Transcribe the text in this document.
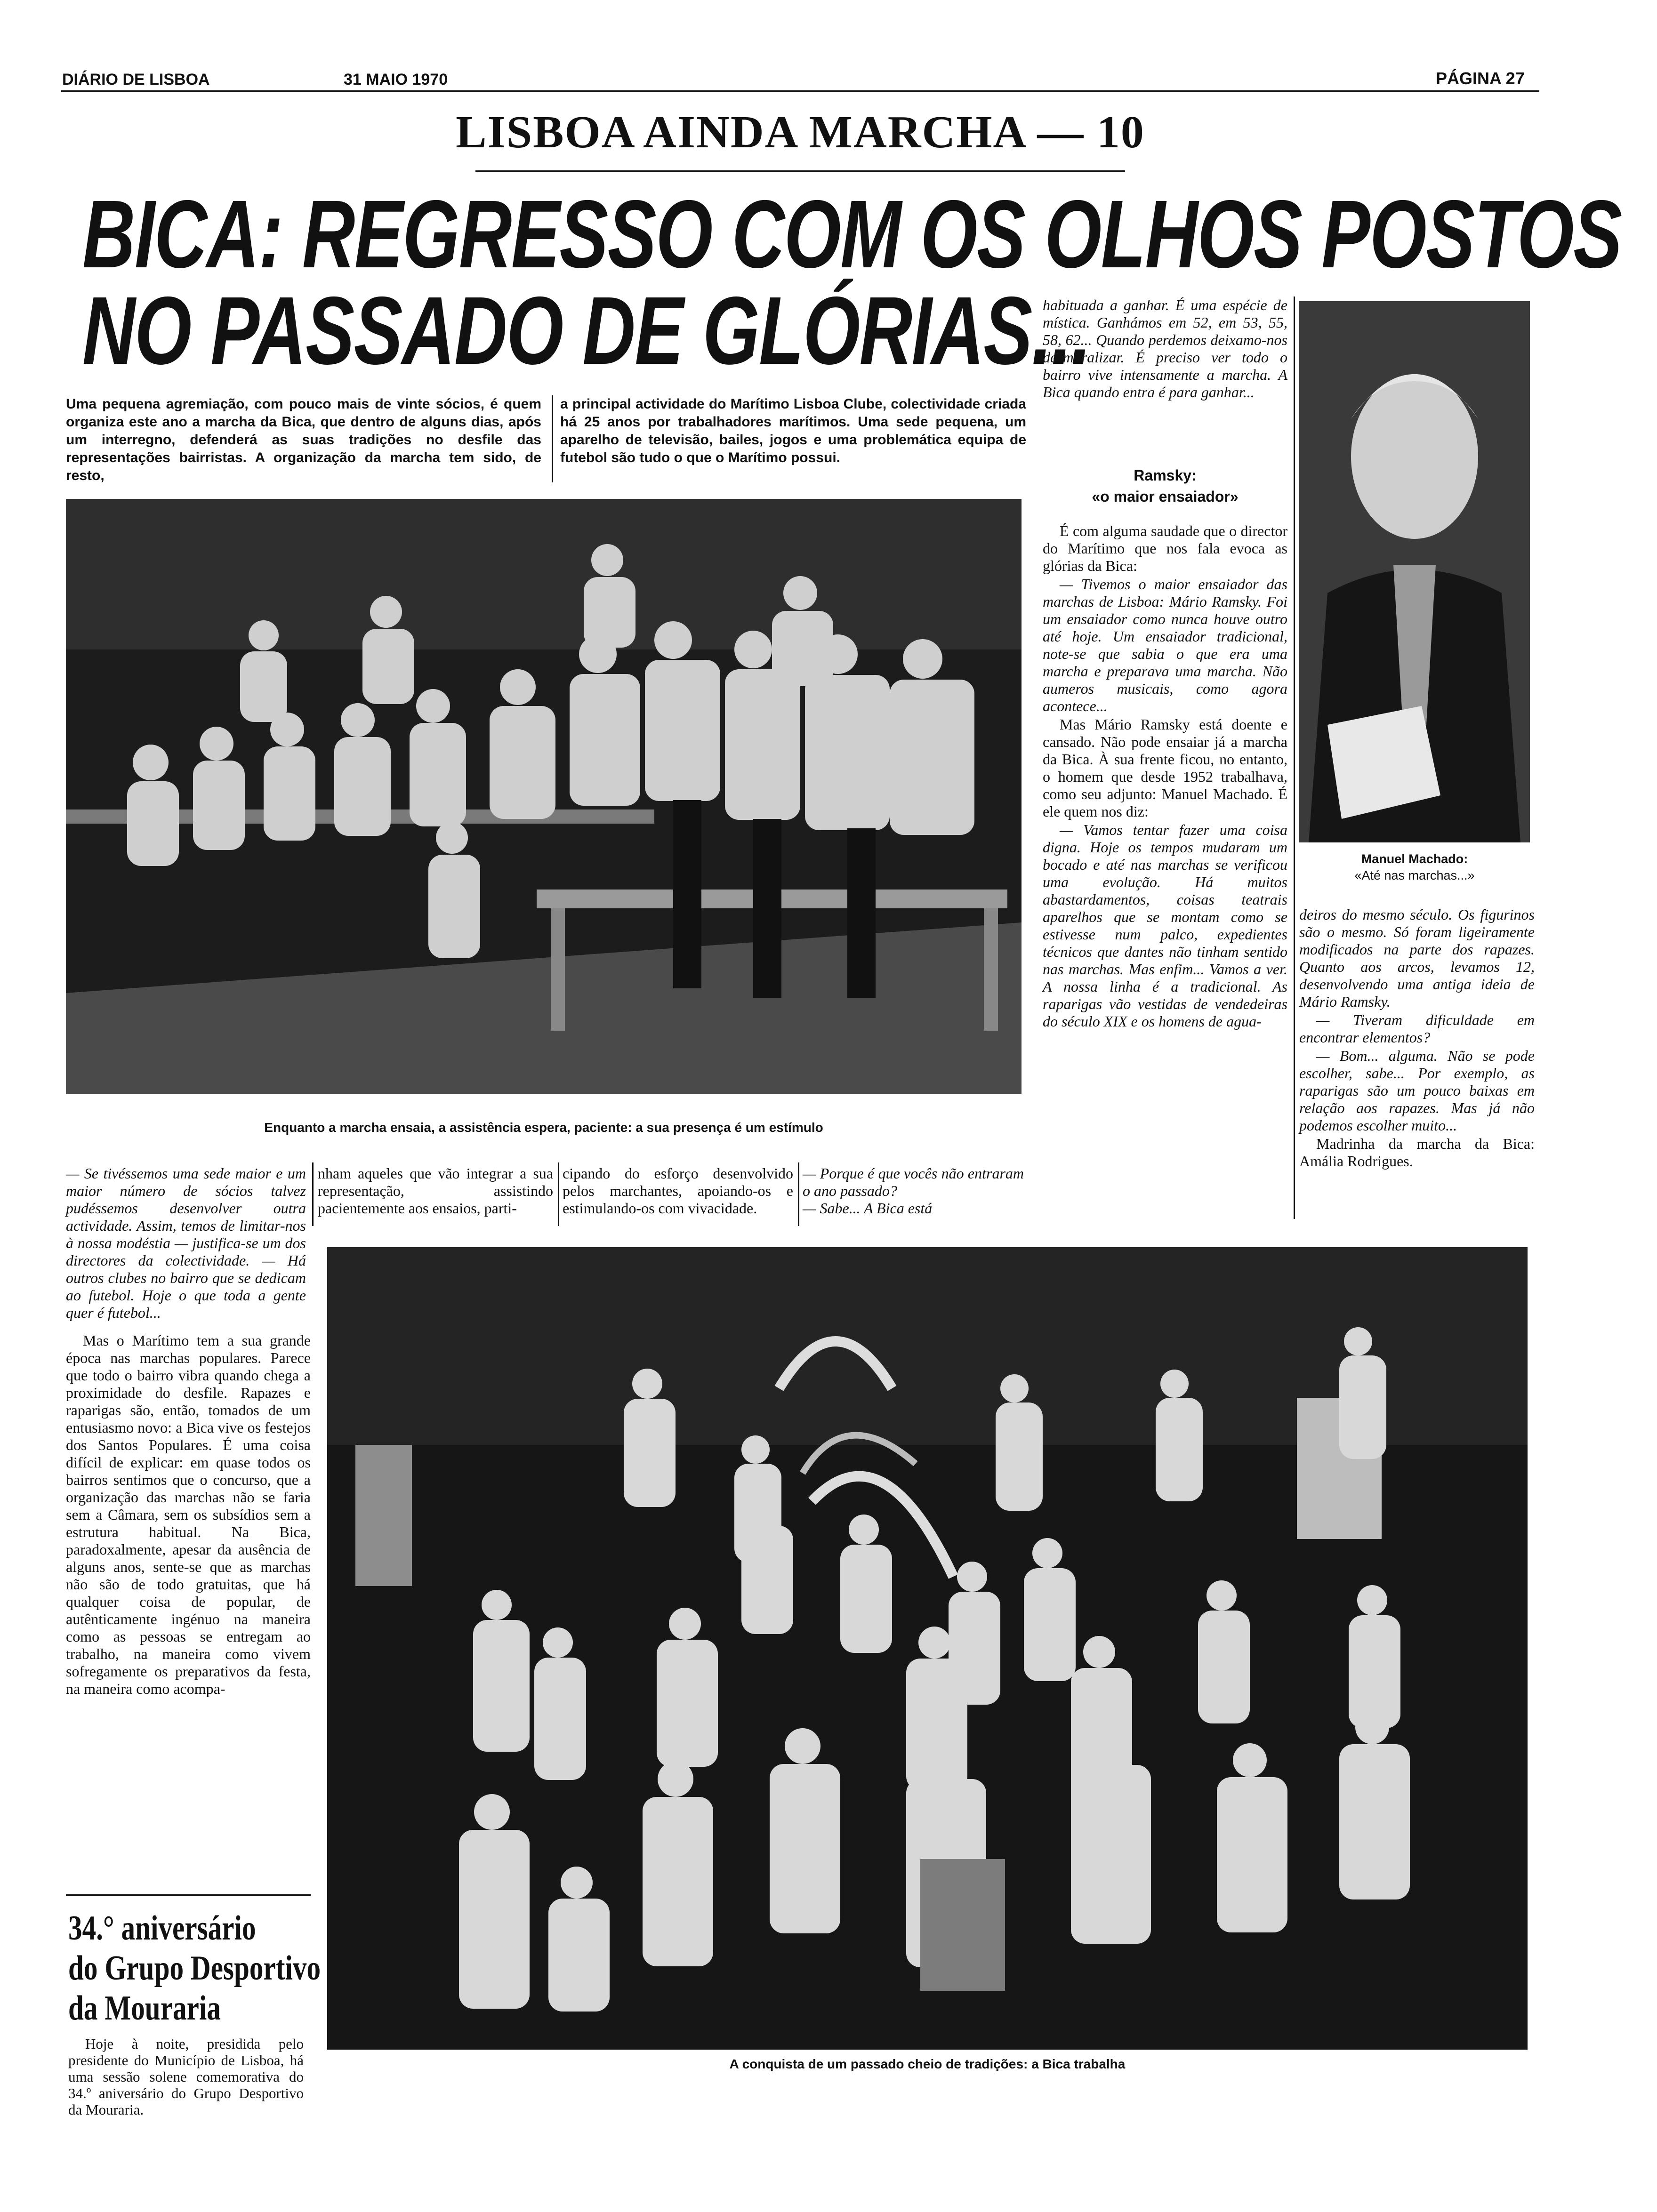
DIÁRIO DE LISBOA	31 MAIO 1970	PÁGINA 27
LISBOA AINDA MARCHA — 10
BICA: REGRESSO COM OS OLHOS POSTOS
NO PASSADO DE GLÓRIAS...
Uma pequena agremiação, com pouco mais de vinte sócios, é quem organiza este ano a marcha da Bica, que dentro de alguns dias, após um interregno, defenderá as suas tradições no desfile das representações bairristas. A organização da marcha tem sido, de resto,
a principal actividade do Marítimo Lisboa Clube, colectividade criada há 25 anos por trabalhadores marítimos. Uma sede pequena, um aparelho de televisão, bailes, jogos e uma problemática equipa de futebol são tudo o que o Marítimo possui.
Enquanto a marcha ensaia, a assistência espera, paciente: a sua presença é um estímulo
habituada a ganhar. É uma espécie de mística. Ganhámos em 52, em 53, 55, 58, 62... Quando perdemos deixamo-nos desmoralizar. É preciso ver todo o bairro vive intensamente a marcha. A Bica quando entra é para ganhar...
Ramsky:
«o maior ensaiador»

É com alguma saudade que o director do Marítimo que nos fala evoca as glórias da Bica:

— Tivemos o maior ensaiador das marchas de Lisboa: Mário Ramsky. Foi um ensaiador como nunca houve outro até hoje. Um ensaiador tradicional, note-se que sabia o que era uma marcha e preparava uma marcha. Não aumeros musicais, como agora acontece...

Mas Mário Ramsky está doente e cansado. Não pode ensaiar já a marcha da Bica. À sua frente ficou, no entanto, o homem que desde 1952 trabalhava, como seu adjunto: Manuel Machado. É ele quem nos diz:

— Vamos tentar fazer uma coisa digna. Hoje os tempos mudaram um bocado e até nas marchas se verificou uma evolução. Há muitos abastardamentos, coisas teatrais aparelhos que se montam como se estivesse num palco, expedientes técnicos que dantes não tinham sentido nas marchas. Mas enfim... Vamos a ver. A nossa linha é a tradicional. As raparigas vão vestidas de vendedeiras do século XIX e os homens de agua-

Manuel Machado:
«Até nas marchas...»

deiros do mesmo século. Os figurinos são o mesmo. Só foram ligeiramente modificados na parte dos rapazes. Quanto aos arcos, levamos 12, desenvolvendo uma antiga ideia de Mário Ramsky.

— Tiveram dificuldade em encontrar elementos?

— Bom... alguma. Não se pode escolher, sabe... Por exemplo, as raparigas são um pouco baixas em relação aos rapazes. Mas já não podemos escolher muito...

Madrinha da marcha da Bica: Amália Rodrigues.

— Se tivéssemos uma sede maior e um maior número de sócios talvez pudéssemos desenvolver outra actividade. Assim, temos de limitar-nos à nossa modéstia — justifica-se um dos directores da colectividade. — Há outros clubes no bairro que se dedicam ao futebol. Hoje o que toda a gente quer é futebol...
nham aqueles que vão integrar a sua representação, assistindo pacientemente aos ensaios, parti-
cipando do esforço desenvolvido pelos marchantes, apoiando-os e estimulando-os com vivacidade.
— Porque é que vocês não entraram o ano passado?
— Sabe... A Bica está

Mas o Marítimo tem a sua grande época nas marchas populares. Parece que todo o bairro vibra quando chega a proximidade do desfile. Rapazes e raparigas são, então, tomados de um entusiasmo novo: a Bica vive os festejos dos Santos Populares. É uma coisa difícil de explicar: em quase todos os bairros sentimos que o concurso, que a organização das marchas não se faria sem a Câmara, sem os subsídios sem a estrutura habitual. Na Bica, paradoxalmente, apesar da ausência de alguns anos, sente-se que as marchas não são de todo gratuitas, que há qualquer coisa de popular, de autênticamente ingénuo na maneira como as pessoas se entregam ao trabalho, na maneira como vivem sofregamente os preparativos da festa, na maneira como acompa-

34.° aniversário
do Grupo Desportivo
da Mouraria

Hoje à noite, presidida pelo presidente do Município de Lisboa, há uma sessão solene comemorativa do 34.º aniversário do Grupo Desportivo da Mouraria.

A conquista de um passado cheio de tradições: a Bica trabalha
